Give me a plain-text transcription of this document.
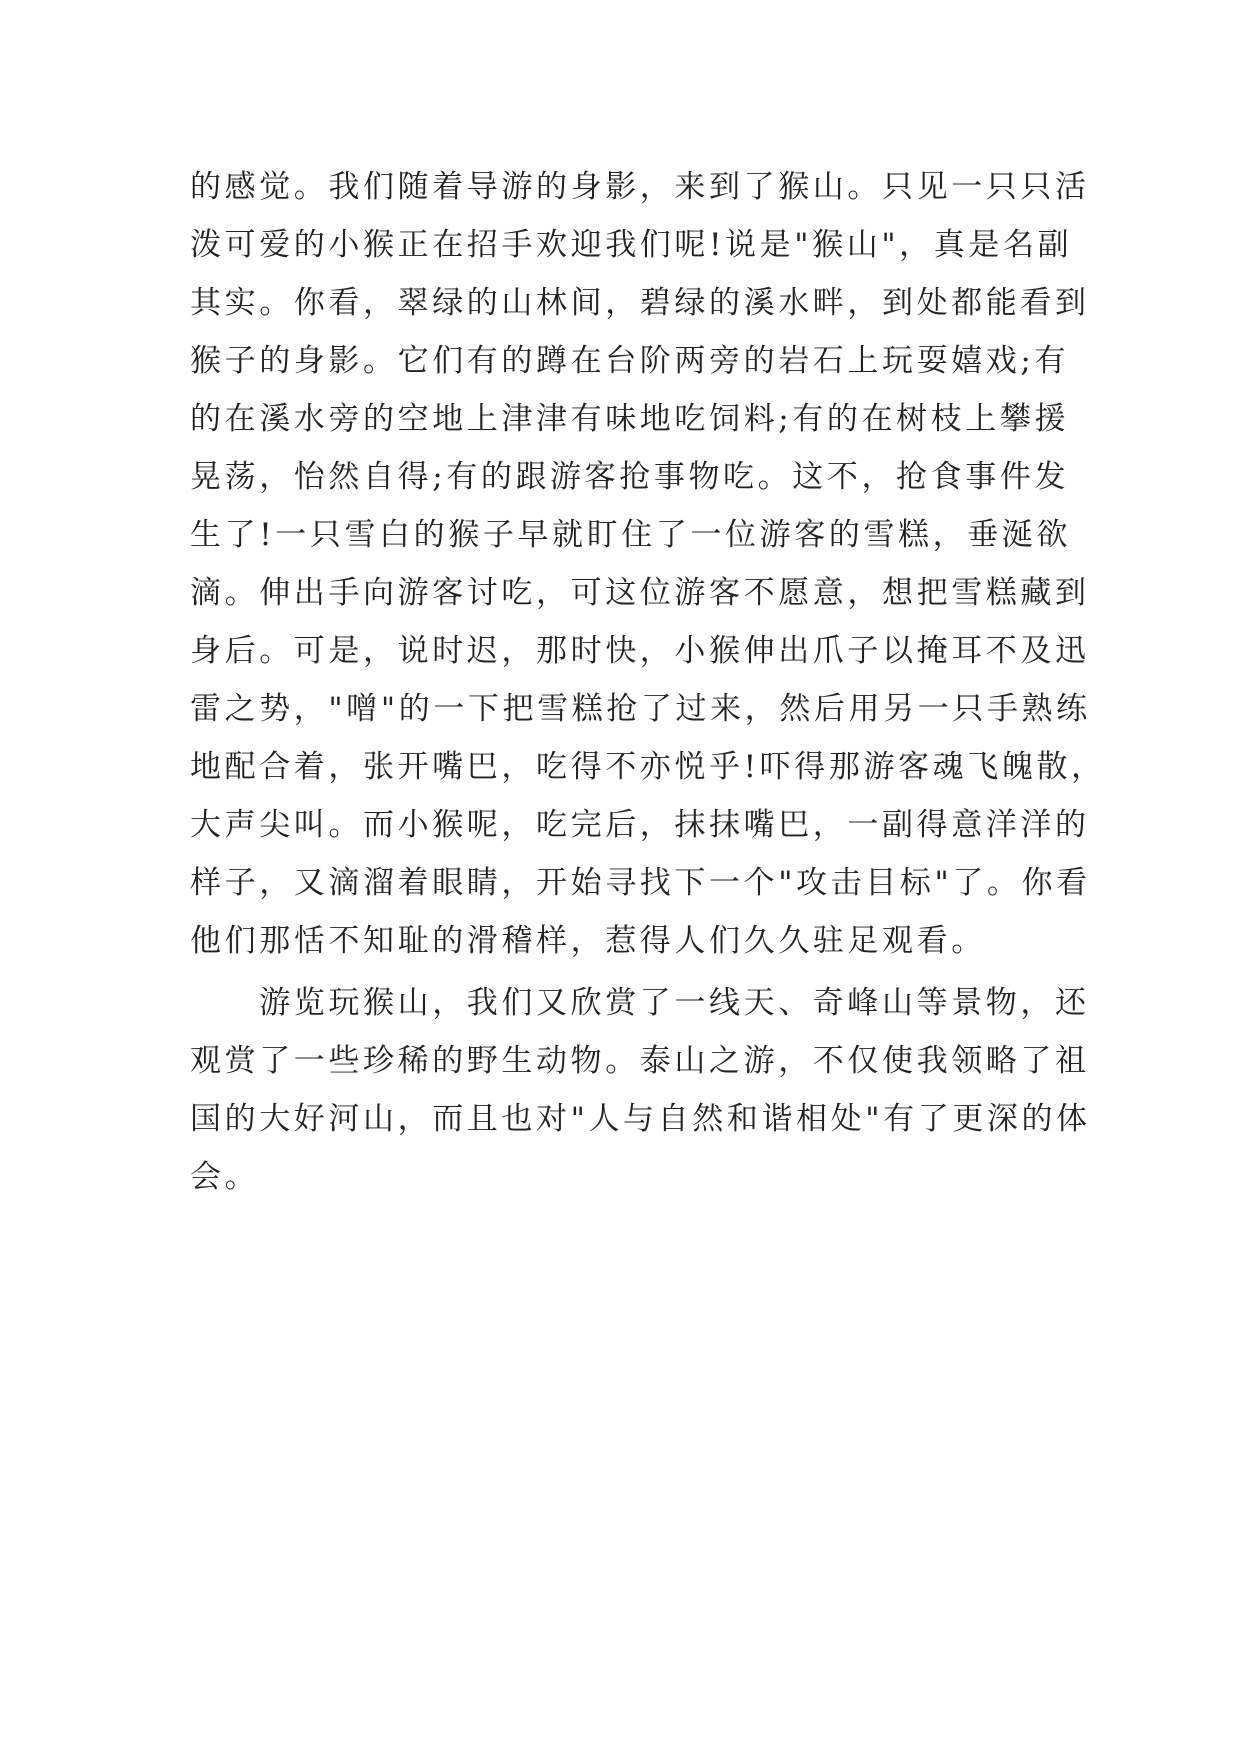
的感觉。我们随着导游的身影，来到了猴山。只见一只只活
泼可爱的小猴正在招手欢迎我们呢!说是"猴山"，真是名副
其实。你看，翠绿的山林间，碧绿的溪水畔，到处都能看到
猴子的身影。它们有的蹲在台阶两旁的岩石上玩耍嬉戏;有
的在溪水旁的空地上津津有味地吃饲料;有的在树枝上攀援
晃荡，怡然自得;有的跟游客抢事物吃。这不，抢食事件发
生了!一只雪白的猴子早就盯住了一位游客的雪糕，垂涎欲
滴。伸出手向游客讨吃，可这位游客不愿意，想把雪糕藏到
身后。可是，说时迟，那时快，小猴伸出爪子以掩耳不及迅
雷之势，"噌"的一下把雪糕抢了过来，然后用另一只手熟练
地配合着，张开嘴巴，吃得不亦悦乎!吓得那游客魂飞魄散，
大声尖叫。而小猴呢，吃完后，抹抹嘴巴，一副得意洋洋的
样子，又滴溜着眼睛，开始寻找下一个"攻击目标"了。你看
他们那恬不知耻的滑稽样，惹得人们久久驻足观看。
　　游览玩猴山，我们又欣赏了一线天、奇峰山等景物，还
观赏了一些珍稀的野生动物。泰山之游，不仅使我领略了祖
国的大好河山，而且也对"人与自然和谐相处"有了更深的体
会。
